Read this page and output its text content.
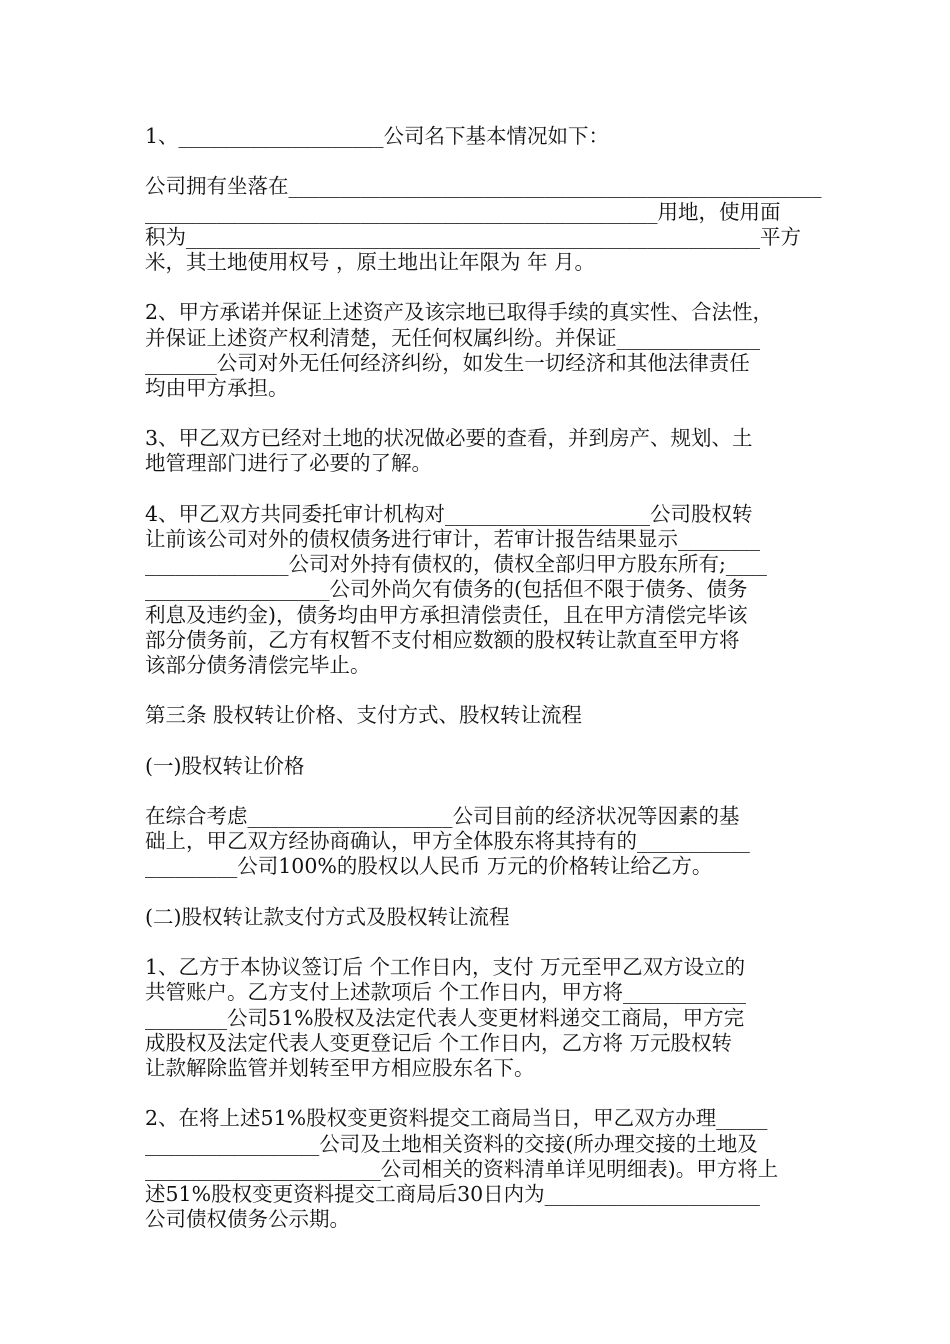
1、____________________公司名下基本情况如下：
公司拥有坐落在____________________________________________________
__________________________________________________用地，使用面
积为________________________________________________________平方
米，其土地使用权号 ，原土地出让年限为 年 月。
2、甲方承诺并保证上述资产及该宗地已取得手续的真实性、合法性，
并保证上述资产权利清楚，无任何权属纠纷。并保证______________
_______公司对外无任何经济纠纷，如发生一切经济和其他法律责任
均由甲方承担。
3、甲乙双方已经对土地的状况做必要的查看，并到房产、规划、土
地管理部门进行了必要的了解。
4、甲乙双方共同委托审计机构对____________________公司股权转
让前该公司对外的债权债务进行审计，若审计报告结果显示________
______________公司对外持有债权的，债权全部归甲方股东所有;____
__________________公司外尚欠有债务的(包括但不限于债务、债务
利息及违约金)，债务均由甲方承担清偿责任，且在甲方清偿完毕该
部分债务前，乙方有权暂不支付相应数额的股权转让款直至甲方将
该部分债务清偿完毕止。
第三条 股权转让价格、支付方式、股权转让流程
(一)股权转让价格
在综合考虑____________________公司目前的经济状况等因素的基
础上，甲乙双方经协商确认，甲方全体股东将其持有的___________
_________公司100%的股权以人民币 万元的价格转让给乙方。
(二)股权转让款支付方式及股权转让流程
1、乙方于本协议签订后 个工作日内，支付 万元至甲乙双方设立的
共管账户。乙方支付上述款项后 个工作日内，甲方将____________
________公司51%股权及法定代表人变更材料递交工商局，甲方完
成股权及法定代表人变更登记后 个工作日内，乙方将 万元股权转
让款解除监管并划转至甲方相应股东名下。
2、在将上述51%股权变更资料提交工商局当日，甲乙双方办理_____
_________________公司及土地相关资料的交接(所办理交接的土地及
_______________________公司相关的资料清单详见明细表)。甲方将上
述51%股权变更资料提交工商局后30日内为_____________________
公司债权债务公示期。
